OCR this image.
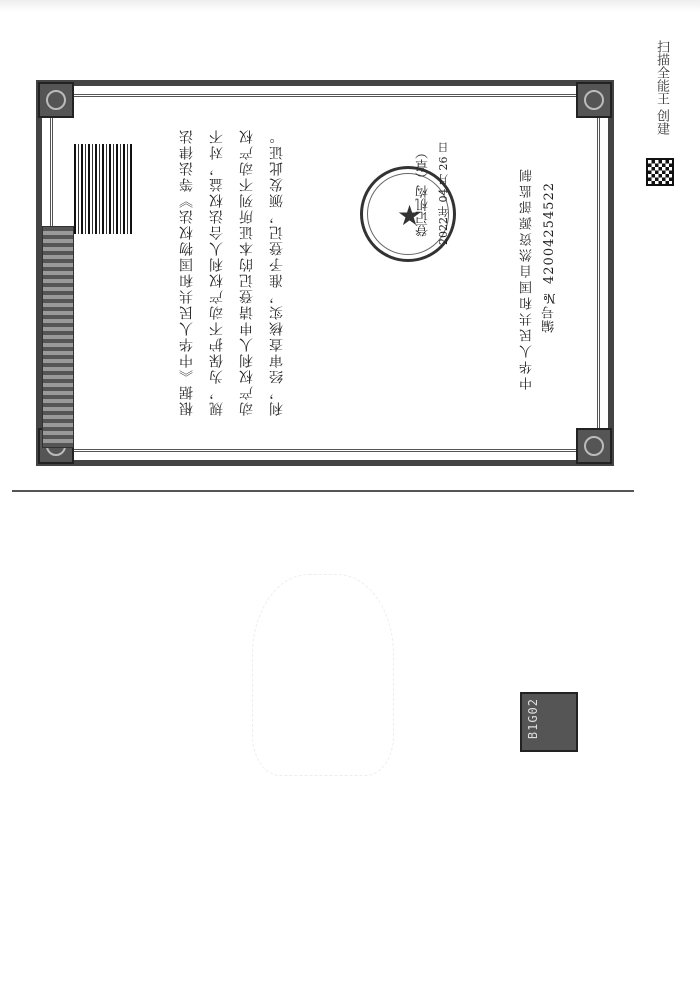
根据《中华人民共和国物权法》等法律法规，为保护不动产权利人合法权益，对不动产权利人申请登记的本证所列不动产权利，经审查核实，准予登记，颁发此证。	★
登记机构（章） 2022年 04 月 26 日	中华人民共和国自然资源部监制 编号№ 42004254522
扫描全能王 创建
B1G02
